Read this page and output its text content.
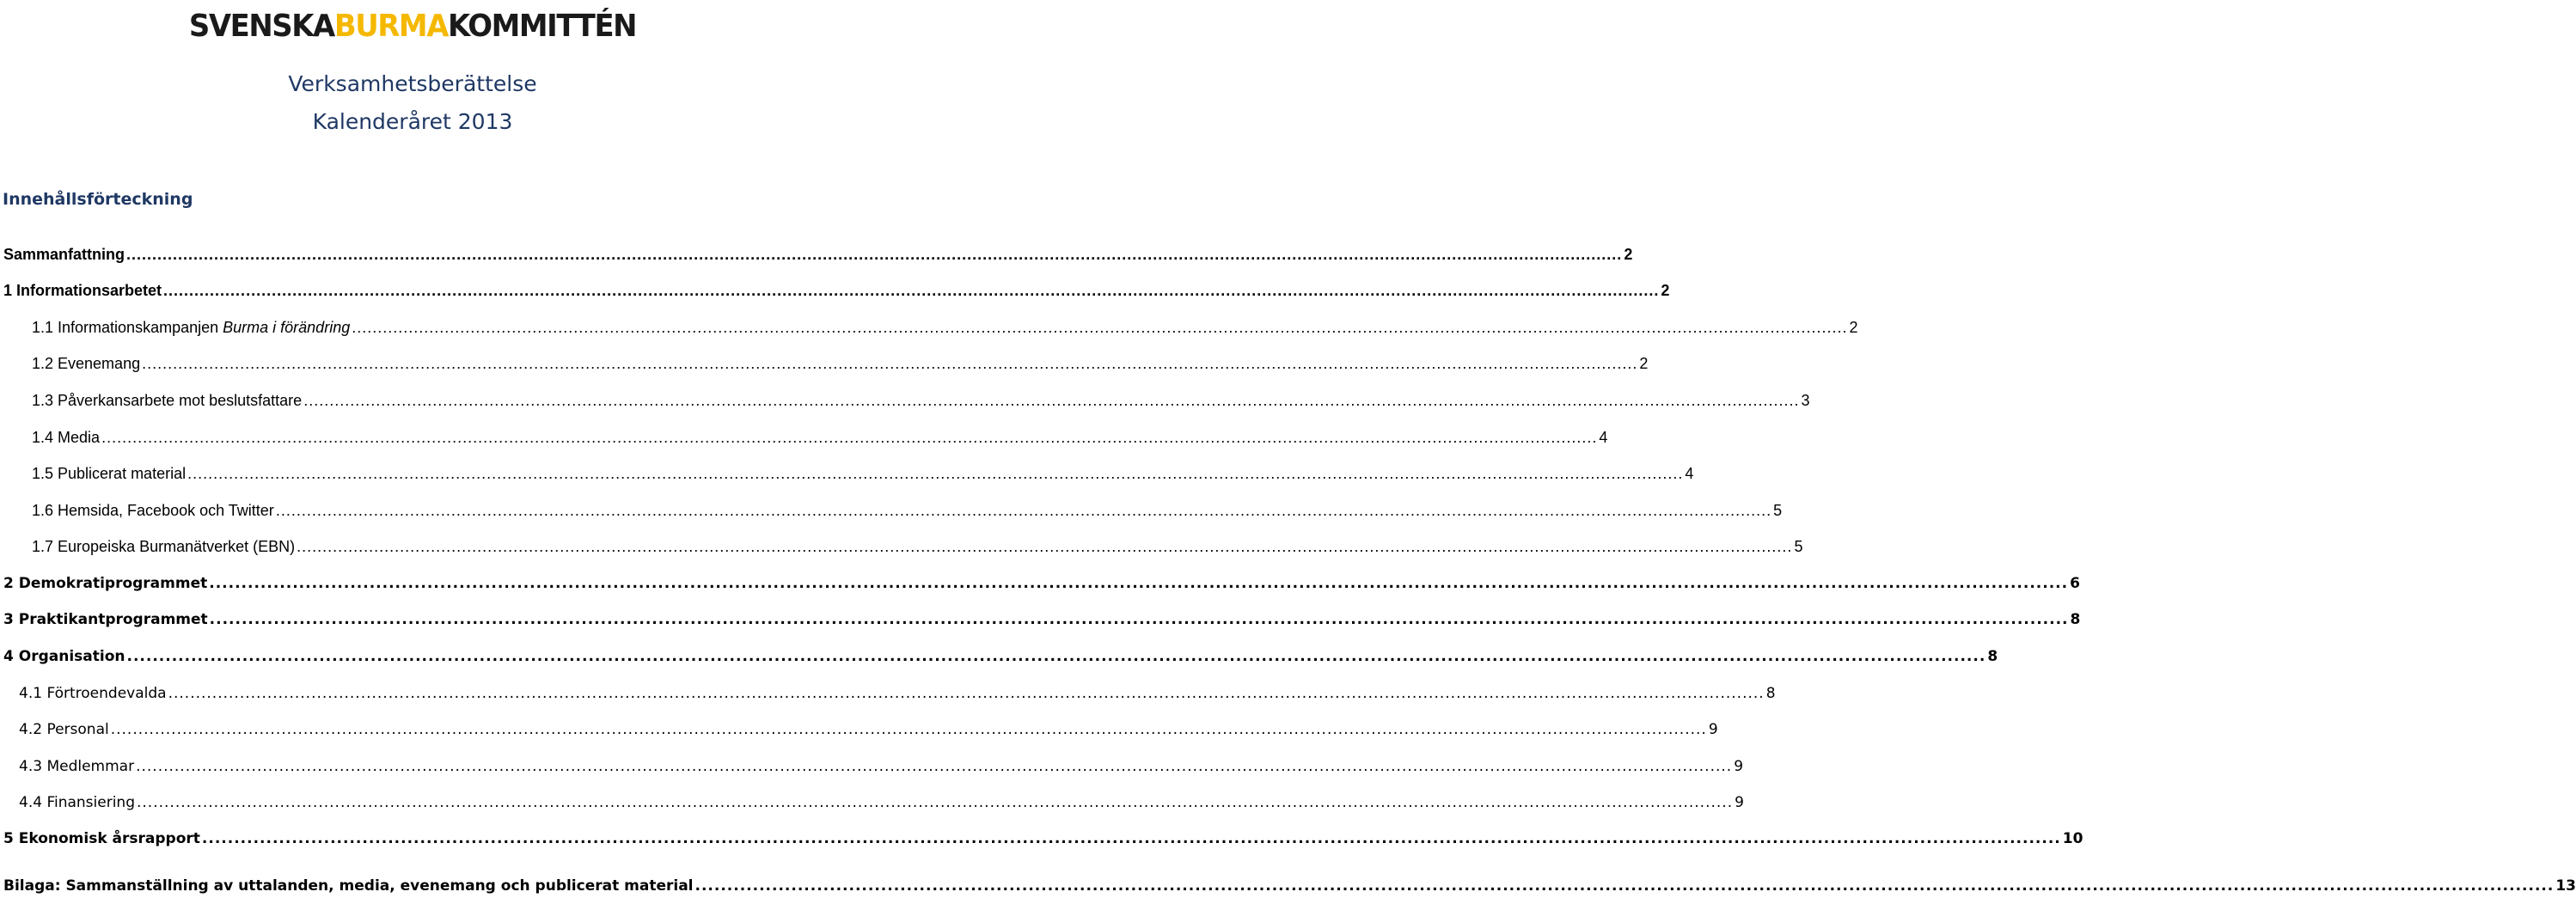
SVENSKABURMAKOMMITTÉN
Verksamhetsberättelse
Kalenderåret 2013
Innehållsförteckning
Sammanfattning .....	2
1 Informationsarbetet .....	2
1.1 Informationskampanjen Burma i förändring .....	2
1.2 Evenemang .....	2
1.3 Påverkansarbete mot beslutsfattare .....	3
1.4 Media .....	4
1.5 Publicerat material .....	4
1.6 Hemsida, Facebook och Twitter .....	5
1.7 Europeiska Burmanätverket (EBN) .....	5
2 Demokratiprogrammet .....	6
3 Praktikantprogrammet .....	8
4 Organisation .....	8
4.1 Förtroendevalda .....	8
4.2 Personal .....	9
4.3 Medlemmar .....	9
4.4 Finansiering .....	9
5 Ekonomisk årsrapport .....	10
Bilaga: Sammanställning av uttalanden, media, evenemang och publicerat material .....	13
